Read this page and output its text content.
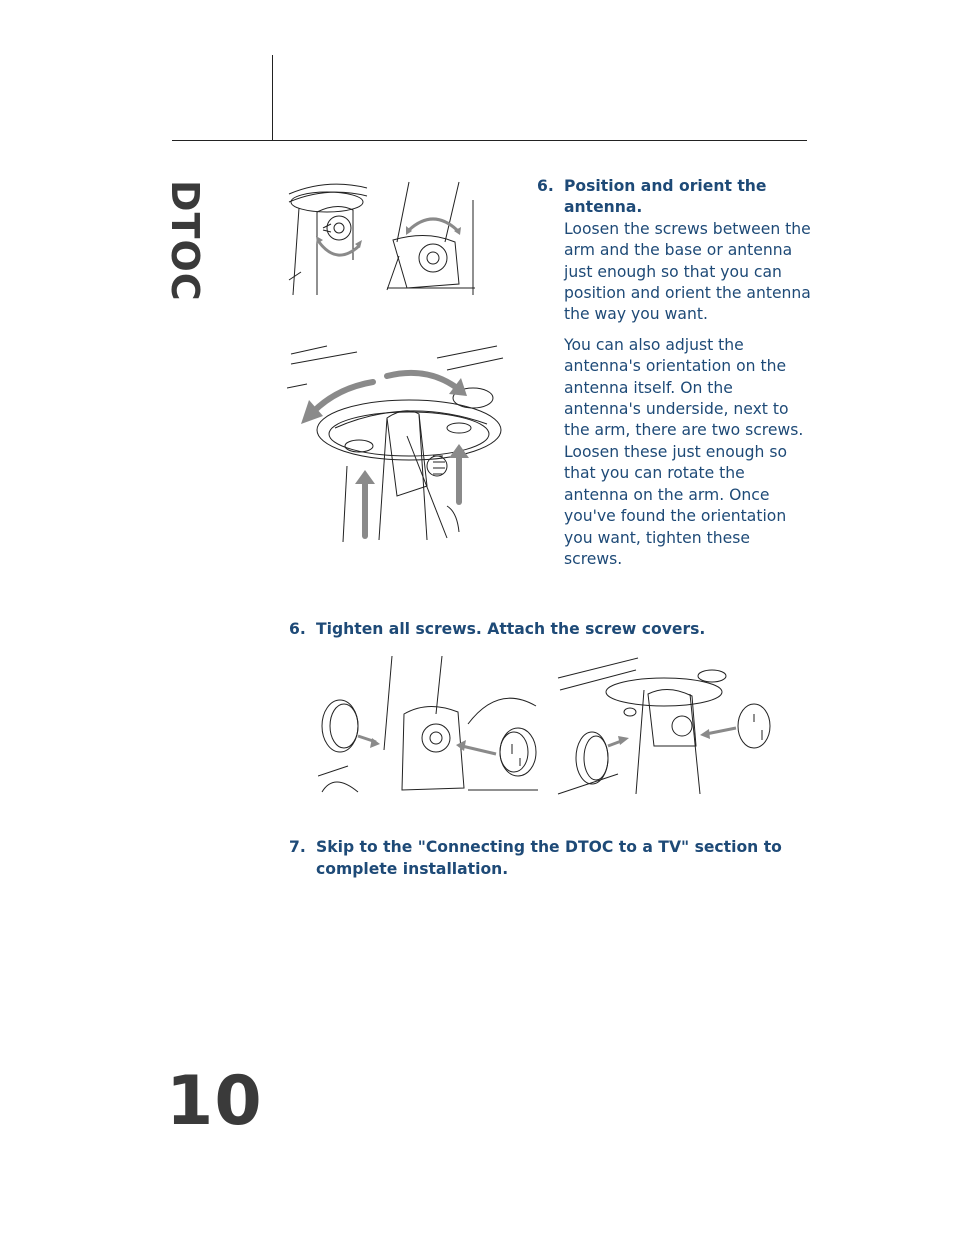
DTOC	6. Position and orient the antenna.

Loosen the screws between the arm and the base or antenna just enough so that you can position and orient the antenna the way you want.

You can also adjust the antenna's orientation on the antenna itself. On the antenna's underside, next to the arm, there are two screws. Loosen these just enough so that you can rotate the antenna on the arm. Once you've found the orientation you want, tighten these screws.

6. Tighten all screws. Attach the screw covers.
7. Skip to the "Connecting the DTOC to a TV" section to complete installation.
10
